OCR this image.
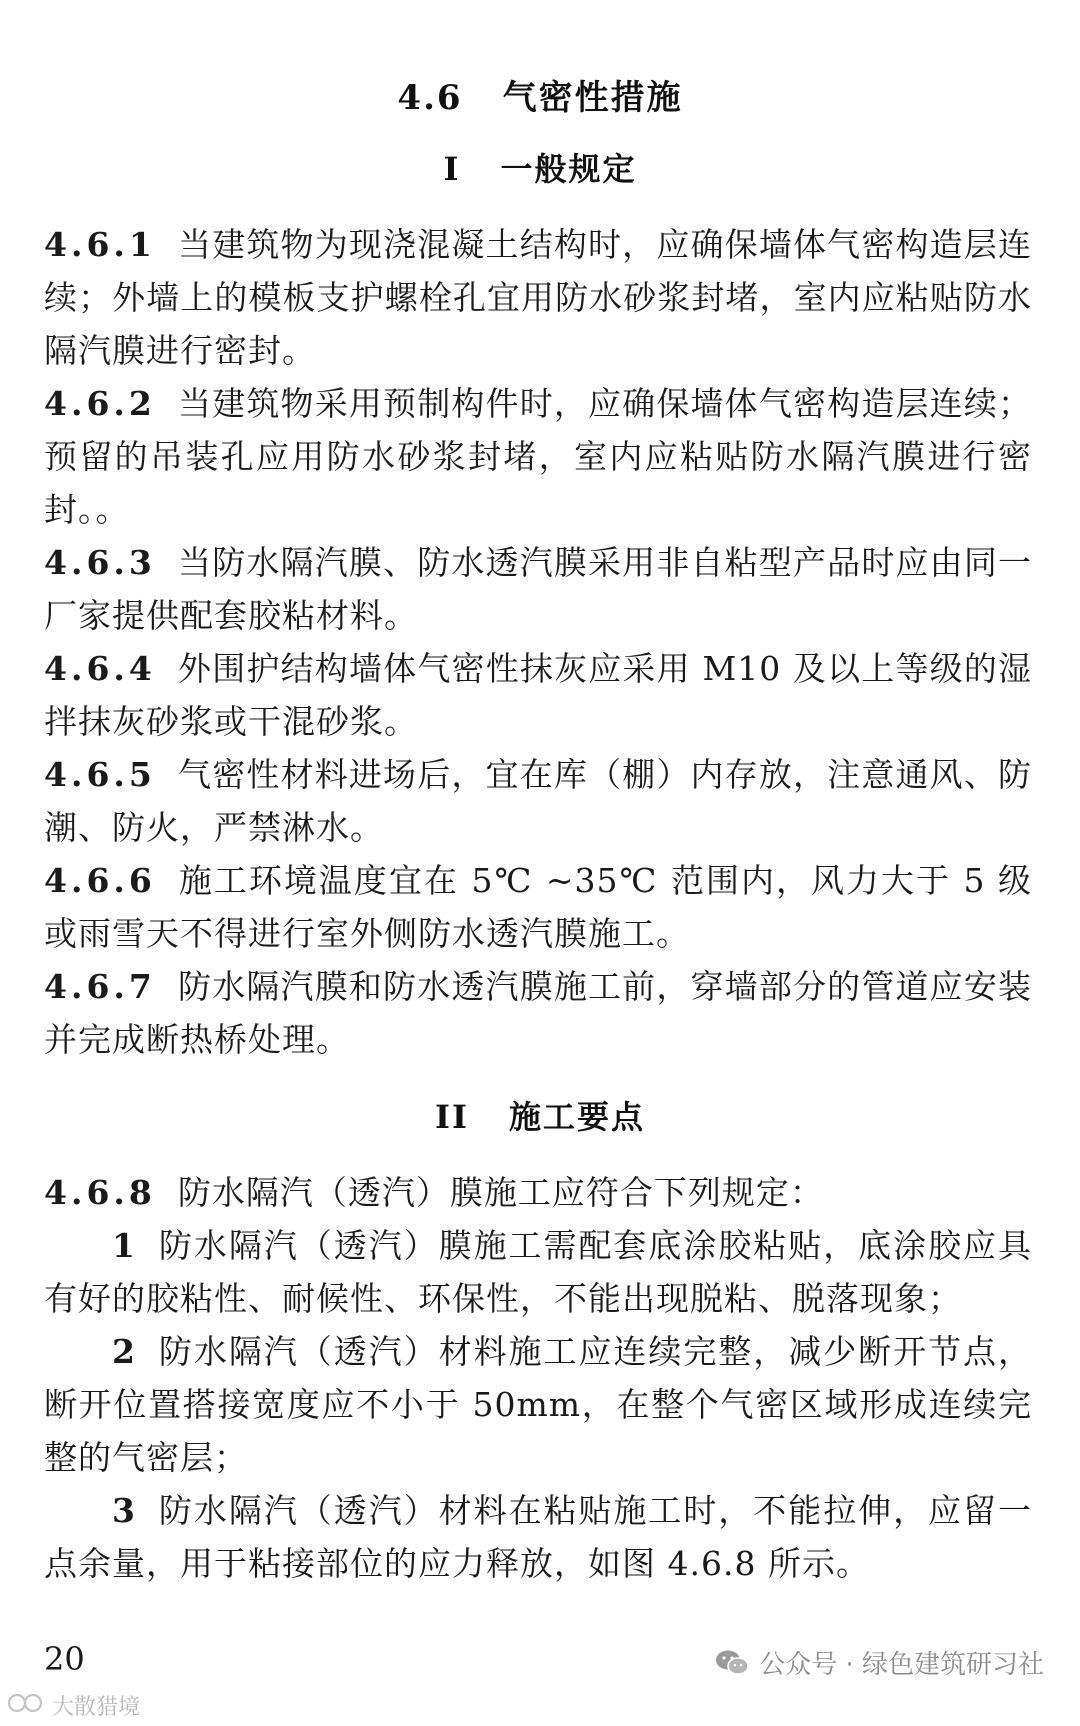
4.6 气密性措施
I 一般规定

4.6.1 当建筑物为现浇混凝土结构时，应确保墙体气密构造层连续；外墙上的模板支护螺栓孔宜用防水砂浆封堵，室内应粘贴防水隔汽膜进行密封。

4.6.2 当建筑物采用预制构件时，应确保墙体气密构造层连续；预留的吊装孔应用防水砂浆封堵，室内应粘贴防水隔汽膜进行密封。。

4.6.3 当防水隔汽膜、防水透汽膜采用非自粘型产品时应由同一厂家提供配套胶粘材料。

4.6.4 外围护结构墙体气密性抹灰应采用 M10 及以上等级的湿拌抹灰砂浆或干混砂浆。

4.6.5 气密性材料进场后，宜在库（棚）内存放，注意通风、防潮、防火，严禁淋水。

4.6.6 施工环境温度宜在 5℃ ~35℃ 范围内，风力大于 5 级或雨雪天不得进行室外侧防水透汽膜施工。

4.6.7 防水隔汽膜和防水透汽膜施工前，穿墙部分的管道应安装并完成断热桥处理。

II 施工要点

4.6.8 防水隔汽（透汽）膜施工应符合下列规定：

1 防水隔汽（透汽）膜施工需配套底涂胶粘贴，底涂胶应具有好的胶粘性、耐候性、环保性，不能出现脱粘、脱落现象；

2 防水隔汽（透汽）材料施工应连续完整，减少断开节点，断开位置搭接宽度应不小于 50mm，在整个气密区域形成连续完整的气密层；

3 防水隔汽（透汽）材料在粘贴施工时，不能拉伸，应留一点余量，用于粘接部位的应力释放，如图 4.6.8 所示。

20	公众号 · 绿色建筑研习社
大散猎境
